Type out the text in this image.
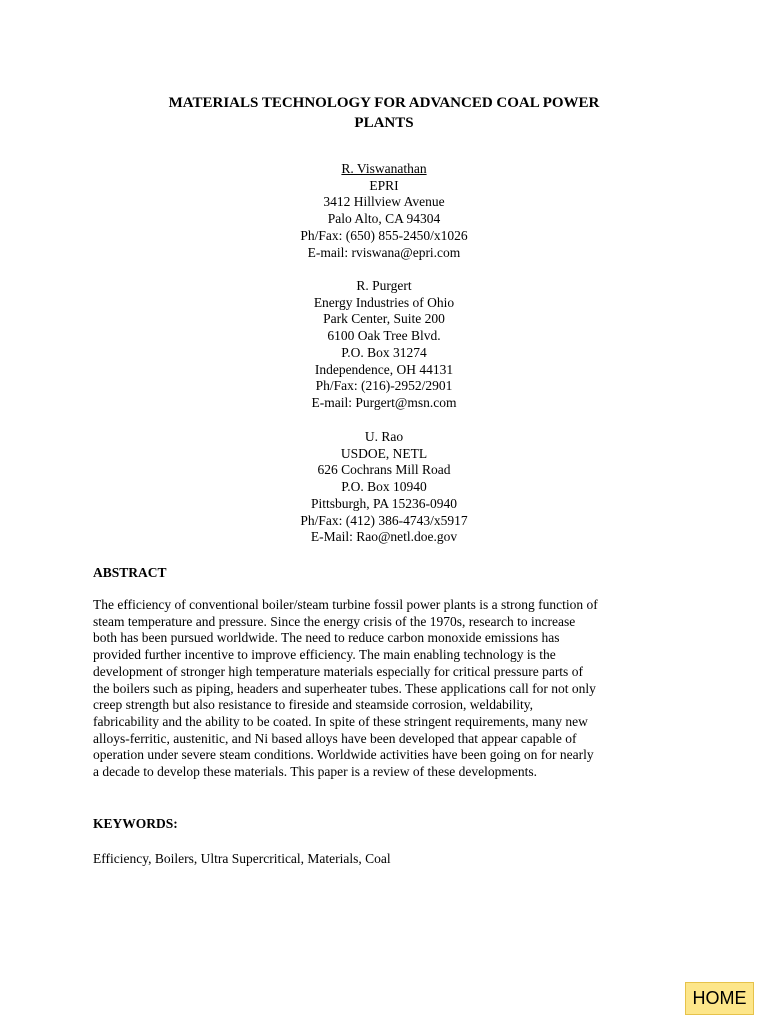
MATERIALS TECHNOLOGY FOR ADVANCED COAL POWER
PLANTS
R. Viswanathan
EPRI
3412 Hillview Avenue
Palo Alto, CA 94304
Ph/Fax: (650) 855-2450/x1026
E-mail: rviswana@epri.com
R. Purgert
Energy Industries of Ohio
Park Center, Suite 200
6100 Oak Tree Blvd.
P.O. Box 31274
Independence, OH 44131
Ph/Fax: (216)-2952/2901
E-mail: Purgert@msn.com
U. Rao
USDOE, NETL
626 Cochrans Mill Road
P.O. Box 10940
Pittsburgh, PA 15236-0940
Ph/Fax: (412) 386-4743/x5917
E-Mail: Rao@netl.doe.gov
ABSTRACT
The efficiency of conventional boiler/steam turbine fossil power plants is a strong function of
steam temperature and pressure. Since the energy crisis of the 1970s, research to increase
both has been pursued worldwide. The need to reduce carbon monoxide emissions has
provided further incentive to improve efficiency. The main enabling technology is the
development of stronger high temperature materials especially for critical pressure parts of
the boilers such as piping, headers and superheater tubes. These applications call for not only
creep strength but also resistance to fireside and steamside corrosion, weldability,
fabricability and the ability to be coated. In spite of these stringent requirements, many new
alloys-ferritic, austenitic, and Ni based alloys have been developed that appear capable of
operation under severe steam conditions. Worldwide activities have been going on for nearly
a decade to develop these materials. This paper is a review of these developments.
KEYWORDS:
Efficiency, Boilers, Ultra Supercritical, Materials, Coal
HOME
